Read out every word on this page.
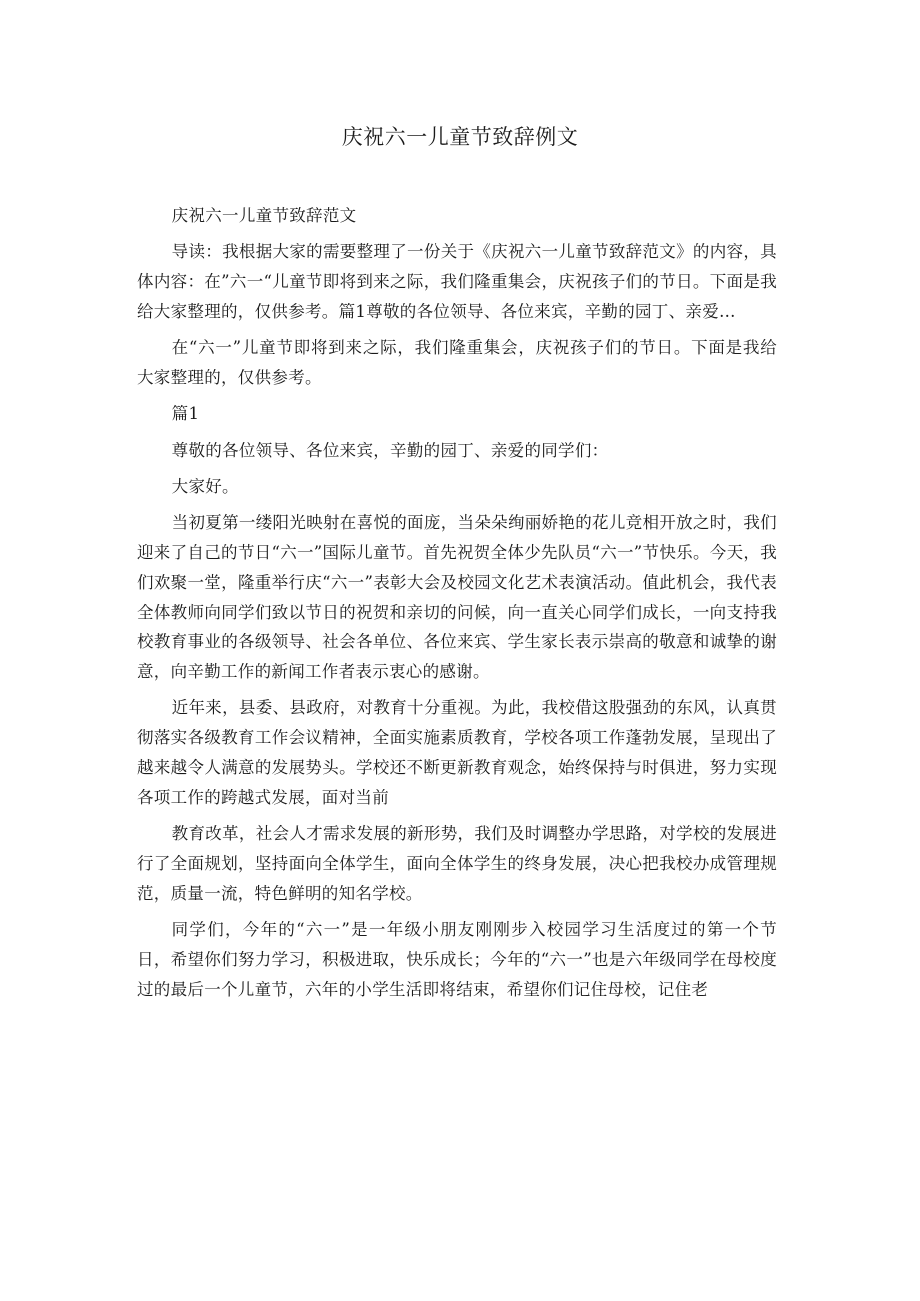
庆祝六一儿童节致辞例文

庆祝六一儿童节致辞范文

导读：我根据大家的需要整理了一份关于《庆祝六一儿童节致辞范文》的内容，具体内容：在”六一“儿童节即将到来之际，我们隆重集会，庆祝孩子们的节日。下面是我给大家整理的，仅供参考。篇1尊敬的各位领导、各位来宾，辛勤的园丁、亲爱…

在“六一”儿童节即将到来之际，我们隆重集会，庆祝孩子们的节日。下面是我给大家整理的，仅供参考。

篇1

尊敬的各位领导、各位来宾，辛勤的园丁、亲爱的同学们：

大家好。

当初夏第一缕阳光映射在喜悦的面庞，当朵朵绚丽娇艳的花儿竞相开放之时，我们迎来了自己的节日“六一”国际儿童节。首先祝贺全体少先队员“六一”节快乐。今天，我们欢聚一堂，隆重举行庆“六一”表彰大会及校园文化艺术表演活动。值此机会，我代表全体教师向同学们致以节日的祝贺和亲切的问候，向一直关心同学们成长，一向支持我校教育事业的各级领导、社会各单位、各位来宾、学生家长表示崇高的敬意和诚挚的谢意，向辛勤工作的新闻工作者表示衷心的感谢。

近年来，县委、县政府，对教育十分重视。为此，我校借这股强劲的东风，认真贯彻落实各级教育工作会议精神，全面实施素质教育，学校各项工作蓬勃发展，呈现出了越来越令人满意的发展势头。学校还不断更新教育观念，始终保持与时俱进，努力实现各项工作的跨越式发展，面对当前

教育改革，社会人才需求发展的新形势，我们及时调整办学思路，对学校的发展进行了全面规划，坚持面向全体学生，面向全体学生的终身发展，决心把我校办成管理规范，质量一流，特色鲜明的知名学校。

同学们，今年的“六一”是一年级小朋友刚刚步入校园学习生活度过的第一个节日，希望你们努力学习，积极进取，快乐成长；今年的“六一”也是六年级同学在母校度过的最后一个儿童节，六年的小学生活即将结束，希望你们记住母校，记住老
